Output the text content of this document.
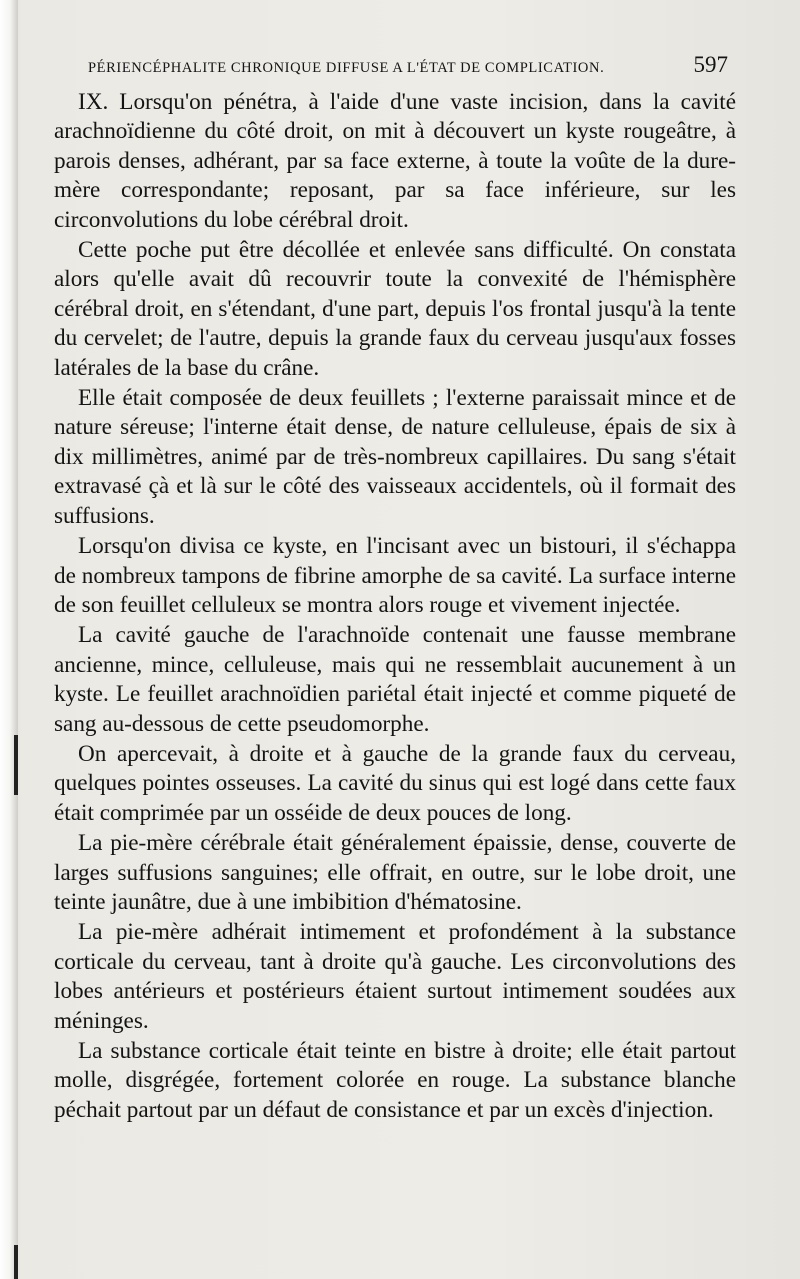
PÉRIENCÉPHALITE CHRONIQUE DIFFUSE A L'ÉTAT DE COMPLICATION.	597

IX. Lorsqu'on pénétra, à l'aide d'une vaste incision, dans la cavité arachnoïdienne du côté droit, on mit à découvert un kyste rougeâtre, à parois denses, adhérant, par sa face externe, à toute la voûte de la dure-mère correspondante; reposant, par sa face inférieure, sur les circonvolutions du lobe cérébral droit.

Cette poche put être décollée et enlevée sans difficulté. On constata alors qu'elle avait dû recouvrir toute la convexité de l'hémisphère cérébral droit, en s'étendant, d'une part, depuis l'os frontal jusqu'à la tente du cervelet; de l'autre, depuis la grande faux du cerveau jusqu'aux fosses latérales de la base du crâne.

Elle était composée de deux feuillets ; l'externe paraissait mince et de nature séreuse; l'interne était dense, de nature celluleuse, épais de six à dix millimètres, animé par de très-nombreux capillaires. Du sang s'était extravasé çà et là sur le côté des vaisseaux accidentels, où il formait des suffusions.

Lorsqu'on divisa ce kyste, en l'incisant avec un bistouri, il s'échappa de nombreux tampons de fibrine amorphe de sa cavité. La surface interne de son feuillet celluleux se montra alors rouge et vivement injectée.

La cavité gauche de l'arachnoïde contenait une fausse membrane ancienne, mince, celluleuse, mais qui ne ressemblait aucunement à un kyste. Le feuillet arachnoïdien pariétal était injecté et comme piqueté de sang au-dessous de cette pseudomorphe.

On apercevait, à droite et à gauche de la grande faux du cerveau, quelques pointes osseuses. La cavité du sinus qui est logé dans cette faux était comprimée par un osséide de deux pouces de long.

La pie-mère cérébrale était généralement épaissie, dense, couverte de larges suffusions sanguines; elle offrait, en outre, sur le lobe droit, une teinte jaunâtre, due à une imbibition d'hématosine.

La pie-mère adhérait intimement et profondément à la substance corticale du cerveau, tant à droite qu'à gauche. Les circonvolutions des lobes antérieurs et postérieurs étaient surtout intimement soudées aux méninges.

La substance corticale était teinte en bistre à droite; elle était partout molle, disgrégée, fortement colorée en rouge. La substance blanche péchait partout par un défaut de consistance et par un excès d'injection.
